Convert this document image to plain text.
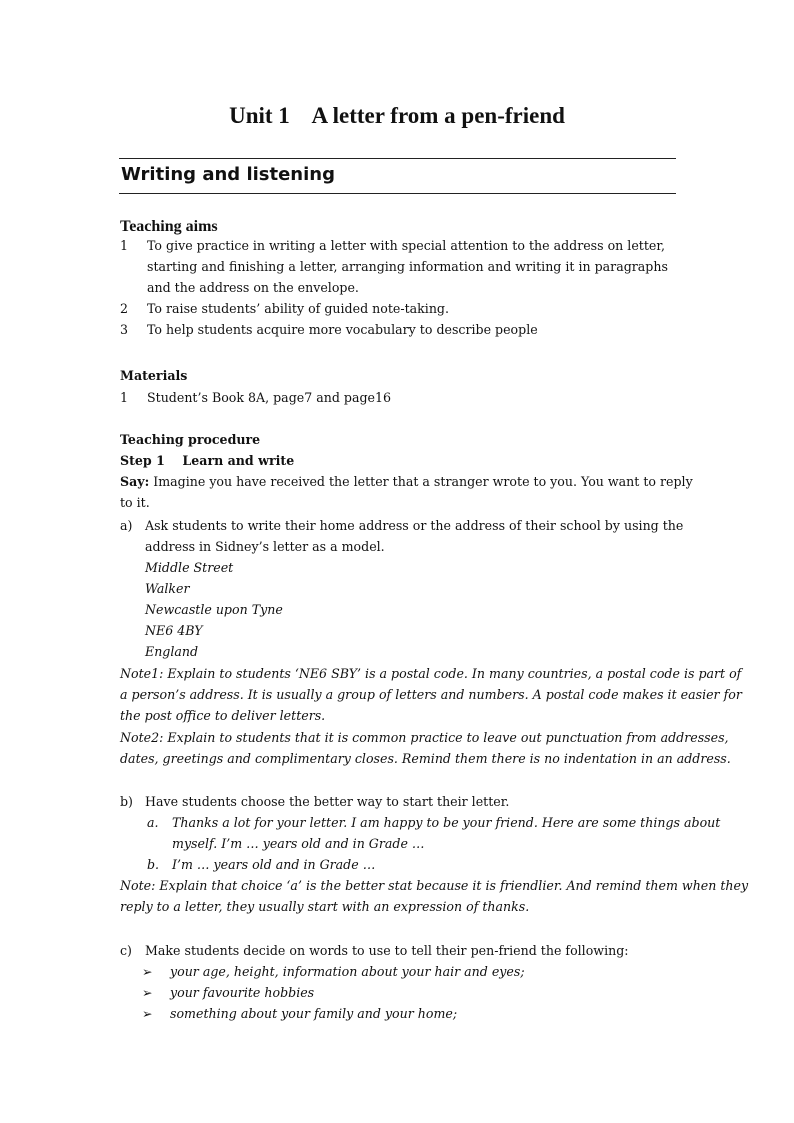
Unit 1    A letter from a pen-friend
Writing and listening
Teaching aims
1 To give practice in writing a letter with special attention to the address on letter,
starting and finishing a letter, arranging information and writing it in paragraphs
and the address on the envelope.
2 To raise students’ ability of guided note-taking.
3 To help students acquire more vocabulary to describe people
Materials
1 Student’s Book 8A, page7 and page16
Teaching procedure
Step 1    Learn and write
Say: Imagine you have received the letter that a stranger wrote to you. You want to reply
to it.
a) Ask students to write their home address or the address of their school by using the
address in Sidney’s letter as a model.
Middle Street
Walker
Newcastle upon Tyne
NE6 4BY
England
Note1: Explain to students ‘NE6 SBY’ is a postal code. In many countries, a postal code is part of
a person’s address. It is usually a group of letters and numbers. A postal code makes it easier for
the post office to deliver letters.
Note2: Explain to students that it is common practice to leave out punctuation from addresses,
dates, greetings and complimentary closes. Remind them there is no indentation in an address.
b) Have students choose the better way to start their letter.
a. Thanks a lot for your letter. I am happy to be your friend. Here are some things about
myself. I’m … years old and in Grade …
b. I’m … years old and in Grade …
Note: Explain that choice ‘a’ is the better stat because it is friendlier. And remind them when they
reply to a letter, they usually start with an expression of thanks.
c) Make students decide on words to use to tell their pen-friend the following:
➢ your age, height, information about your hair and eyes;
➢ your favourite hobbies
➢ something about your family and your home;
